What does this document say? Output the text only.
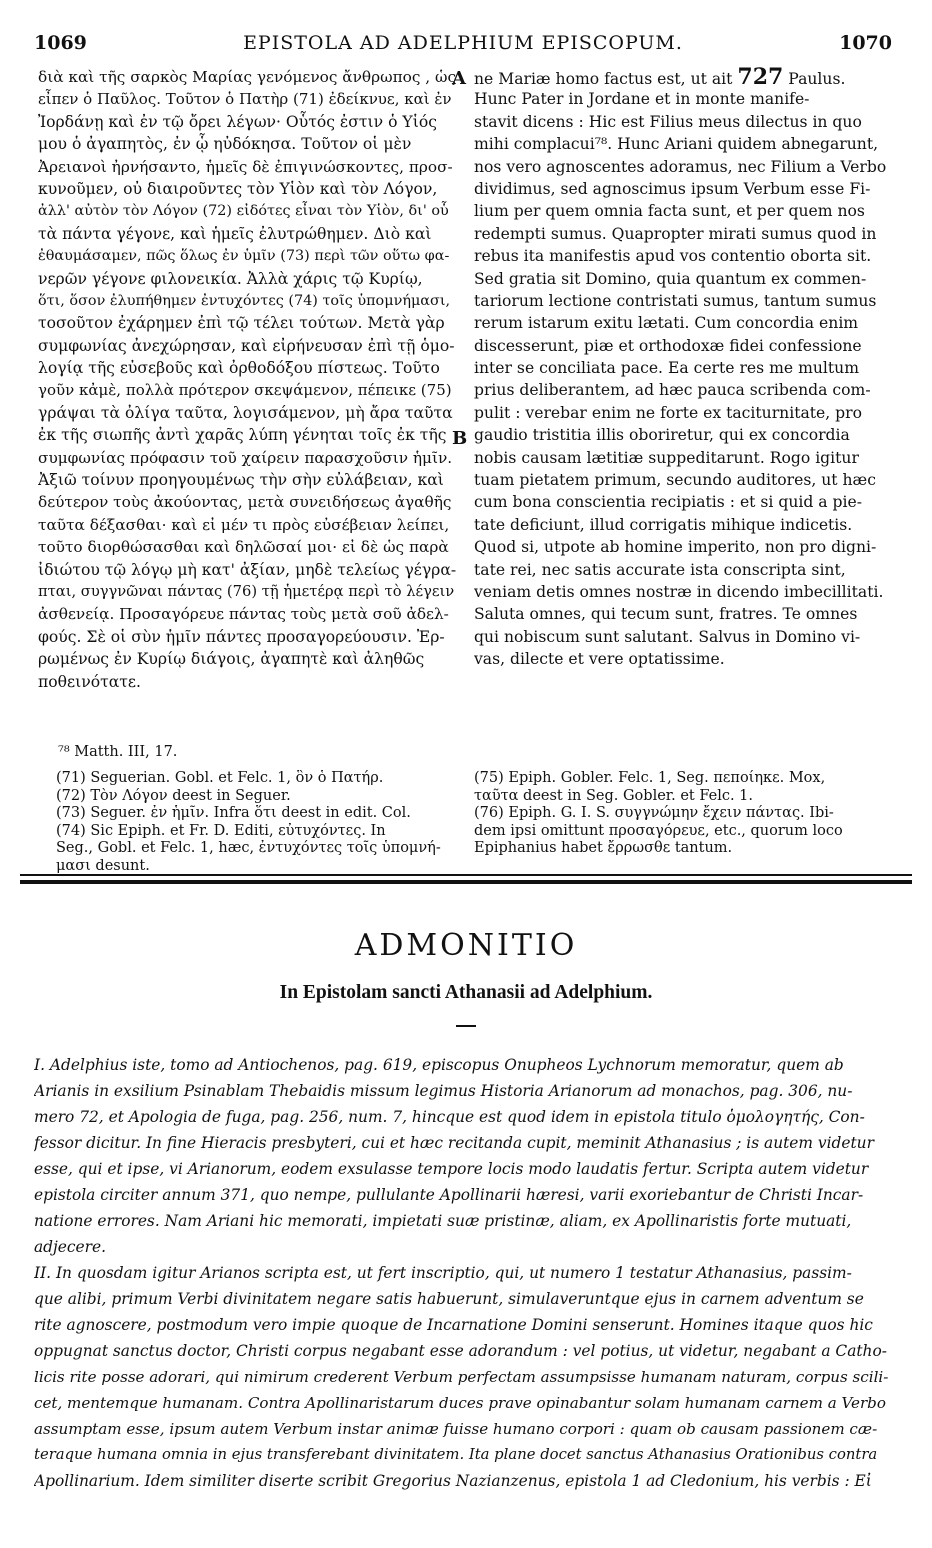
1069	EPISTOLA AD ADELPHIUM EPISCOPUM.	1070
A
B
διὰ καὶ τῆς σαρκὸς Μαρίας γενόμενος ἄνθρωπος , ὡς
εἶπεν ὁ Παῦλος. Τοῦτον ὁ Πατὴρ (71) ἐδείκνυε, καὶ ἐν
Ἰορδάνῃ καὶ ἐν τῷ ὄρει λέγων· Οὗτός ἐστιν ὁ Υἱός
μου ὁ ἀγαπητὸς, ἐν ᾧ ηὐδόκησα. Τοῦτον οἱ μὲν
Ἀρειανοὶ ἠρνήσαντο, ἡμεῖς δὲ ἐπιγινώσκοντες, προσ-
κυνοῦμεν, οὐ διαιροῦντες τὸν Υἱὸν καὶ τὸν Λόγον,
ἀλλ' αὐτὸν τὸν Λόγον (72) εἰδότες εἶναι τὸν Υἱὸν, δι' οὗ
τὰ πάντα γέγονε, καὶ ἡμεῖς ἐλυτρώθημεν. Διὸ καὶ
ἐθαυμάσαμεν, πῶς ὅλως ἐν ὑμῖν (73) περὶ τῶν οὕτω φα-
νερῶν γέγονε φιλονεικία. Ἀλλὰ χάρις τῷ Κυρίῳ,
ὅτι, ὅσον ἐλυπήθημεν ἐντυχόντες (74) τοῖς ὑπομνήμασι,
τοσοῦτον ἐχάρημεν ἐπὶ τῷ τέλει τούτων. Μετὰ γὰρ
συμφωνίας ἀνεχώρησαν, καὶ εἰρήνευσαν ἐπὶ τῇ ὁμο-
λογίᾳ τῆς εὐσεβοῦς καὶ ὀρθοδόξου πίστεως. Τοῦτο
γοῦν κἀμὲ, πολλὰ πρότερον σκεψάμενον, πέπεικε (75)
γράψαι τὰ ὀλίγα ταῦτα, λογισάμενον, μὴ ἄρα ταῦτα
ἐκ τῆς σιωπῆς ἀντὶ χαρᾶς λύπη γένηται τοῖς ἐκ τῆς
συμφωνίας πρόφασιν τοῦ χαίρειν παρασχοῦσιν ἡμῖν.
Ἀξιῶ τοίνυν προηγουμένως τὴν σὴν εὐλάβειαν, καὶ
δεύτερον τοὺς ἀκούοντας, μετὰ συνειδήσεως ἀγαθῆς
ταῦτα δέξασθαι· καὶ εἰ μέν τι πρὸς εὐσέβειαν λείπει,
τοῦτο διορθώσασθαι καὶ δηλῶσαί μοι· εἰ δὲ ὡς παρὰ
ἰδιώτου τῷ λόγῳ μὴ κατ' ἀξίαν, μηδὲ τελείως γέγρα-
πται, συγγνῶναι πάντας (76) τῇ ἡμετέρᾳ περὶ τὸ λέγειν
ἀσθενείᾳ. Προσαγόρευε πάντας τοὺς μετὰ σοῦ ἀδελ-
φούς. Σὲ οἱ σὺν ἡμῖν πάντες προσαγορεύουσιν. Ἐρ-
ρωμένως ἐν Κυρίῳ διάγοις, ἀγαπητὲ καὶ ἀληθῶς
ποθεινότατε.
ne Mariæ homo factus est, ut ait 727 Paulus.
Hunc Pater in Jordane et in monte manife-
stavit dicens : Hic est Filius meus dilectus in quo
mihi complacui⁷⁸. Hunc Ariani quidem abnegarunt,
nos vero agnoscentes adoramus, nec Filium a Verbo
dividimus, sed agnoscimus ipsum Verbum esse Fi-
lium per quem omnia facta sunt, et per quem nos
redempti sumus. Quapropter mirati sumus quod in
rebus ita manifestis apud vos contentio oborta sit.
Sed gratia sit Domino, quia quantum ex commen-
tariorum lectione contristati sumus, tantum sumus
rerum istarum exitu lætati. Cum concordia enim
discesserunt, piæ et orthodoxæ fidei confessione
inter se conciliata pace. Ea certe res me multum
prius deliberantem, ad hæc pauca scribenda com-
pulit : verebar enim ne forte ex taciturnitate, pro
gaudio tristitia illis oboriretur, qui ex concordia
nobis causam lætitiæ suppeditarunt. Rogo igitur
tuam pietatem primum, secundo auditores, ut hæc
cum bona conscientia recipiatis : et si quid a pie-
tate deficiunt, illud corrigatis mihique indicetis.
Quod si, utpote ab homine imperito, non pro digni-
tate rei, nec satis accurate ista conscripta sint,
veniam detis omnes nostræ in dicendo imbecillitati.
Saluta omnes, qui tecum sunt, fratres. Te omnes
qui nobiscum sunt salutant. Salvus in Domino vi-
vas, dilecte et vere optatissime.
⁷⁸ Matth. III, 17.
(71) Seguerian. Gobl. et Felc. 1, ὃν ὁ Πατήρ.
(72) Τὸν Λόγον deest in Seguer.
(73) Seguer. ἐν ἡμῖν. Infra ὅτι deest in edit. Col.
(74) Sic Epiph. et Fr. D. Editi, εὐτυχόντες. In
Seg., Gobl. et Felc. 1, hæc, ἐντυχόντες τοῖς ὑπομνή-
μασι desunt.
(75) Epiph. Gobler. Felc. 1, Seg. πεποίηκε. Mox,
ταῦτα deest in Seg. Gobler. et Felc. 1.
(76) Epiph. G. I. S. συγγνώμην ἔχειν πάντας. Ibi-
dem ipsi omittunt προσαγόρευε, etc., quorum loco
Epiphanius habet ἔρρωσθε tantum.
ADMONITIO
In Epistolam sancti Athanasii ad Adelphium.
I. Adelphius iste, tomo ad Antiochenos, pag. 619, episcopus Onupheos Lychnorum memoratur, quem ab
Arianis in exsilium Psinablam Thebaidis missum legimus Historia Arianorum ad monachos, pag. 306, nu-
mero 72, et Apologia de fuga, pag. 256, num. 7, hincque est quod idem in epistola titulo ὁμολογητής, Con-
fessor dicitur. In fine Hieracis presbyteri, cui et hæc recitanda cupit, meminit Athanasius ; is autem videtur
esse, qui et ipse, vi Arianorum, eodem exsulasse tempore locis modo laudatis fertur. Scripta autem videtur
epistola circiter annum 371, quo nempe, pullulante Apollinarii hæresi, varii exoriebantur de Christi Incar-
natione errores. Nam Ariani hic memorati, impietati suæ pristinæ, aliam, ex Apollinaristis forte mutuati,
adjecere.
II. In quosdam igitur Arianos scripta est, ut fert inscriptio, qui, ut numero 1 testatur Athanasius, passim-
que alibi, primum Verbi divinitatem negare satis habuerunt, simulaveruntque ejus in carnem adventum se
rite agnoscere, postmodum vero impie quoque de Incarnatione Domini senserunt. Homines itaque quos hic
oppugnat sanctus doctor, Christi corpus negabant esse adorandum : vel potius, ut videtur, negabant a Catho-
licis rite posse adorari, qui nimirum crederent Verbum perfectam assumpsisse humanam naturam, corpus scili-
cet, mentemque humanam. Contra Apollinaristarum duces prave opinabantur solam humanam carnem a Verbo
assumptam esse, ipsum autem Verbum instar animæ fuisse humano corpori : quam ob causam passionem cæ-
teraque humana omnia in ejus transferebant divinitatem. Ita plane docet sanctus Athanasius Orationibus contra
Apollinarium. Idem similiter diserte scribit Gregorius Nazianzenus, epistola 1 ad Cledonium, his verbis : Εἰ
